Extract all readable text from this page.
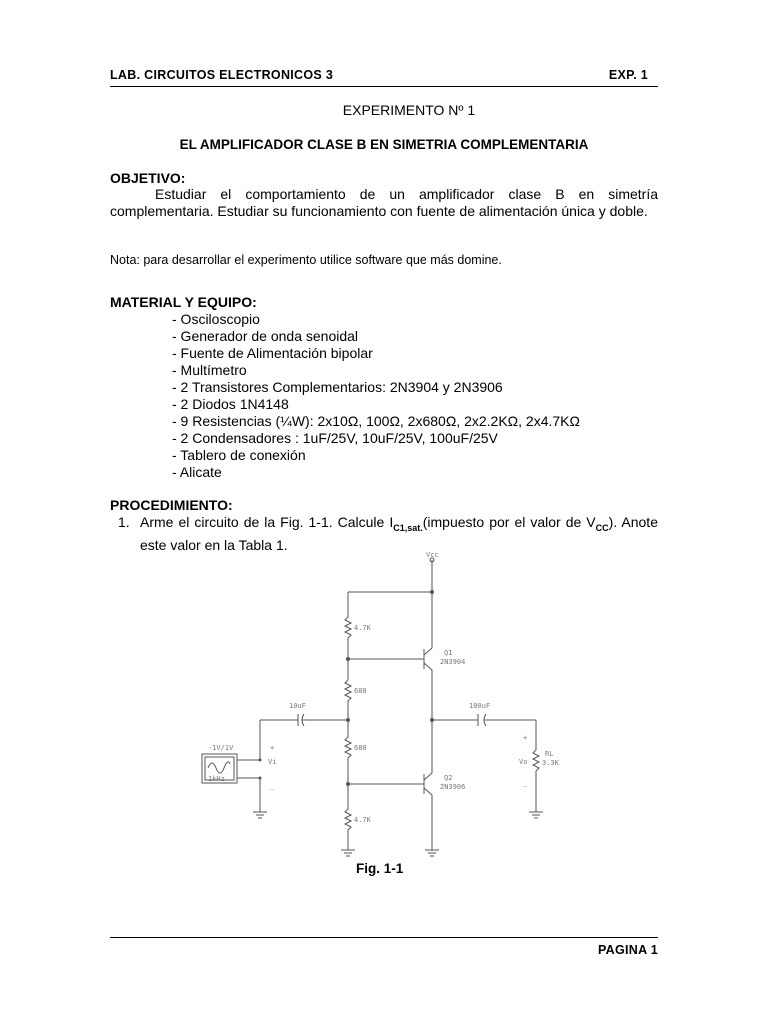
LAB. CIRCUITOS ELECTRONICOS 3	EXP. 1
EXPERIMENTO Nº 1
EL AMPLIFICADOR CLASE B EN SIMETRIA COMPLEMENTARIA
OBJETIVO:
Estudiar el comportamiento de un amplificador clase B en simetría complementaria. Estudiar su funcionamiento con fuente de alimentación única y doble.
Nota: para desarrollar el experimento utilice software que más domine.
MATERIAL Y EQUIPO:
- Osciloscopio
- Generador de onda senoidal
- Fuente de Alimentación bipolar
- Multímetro
- 2 Transistores Complementarios: 2N3904 y 2N3906
- 2 Diodos 1N4148
- 9 Resistencias (¼W): 2x10Ω, 100Ω, 2x680Ω, 2x2.2KΩ, 2x4.7KΩ
- 2 Condensadores : 1uF/25V, 10uF/25V, 100uF/25V
- Tablero de conexión
- Alicate
PROCEDIMIENTO:
1. Arme el circuito de la Fig. 1-1. Calcule $I_{C1,sat.}(impuesto$ por el valor de $V_{CC}$). Anote este valor en la Tabla 1.
Vcc
4.7K
680
680
4.7K
Q1
2N3904
Q2
2N3906
10uF	100uF
RL
3.3K
-1V/1V
1kHz
Vi	Vo
+
_
+
_
Fig. 1-1
PAGINA 1
